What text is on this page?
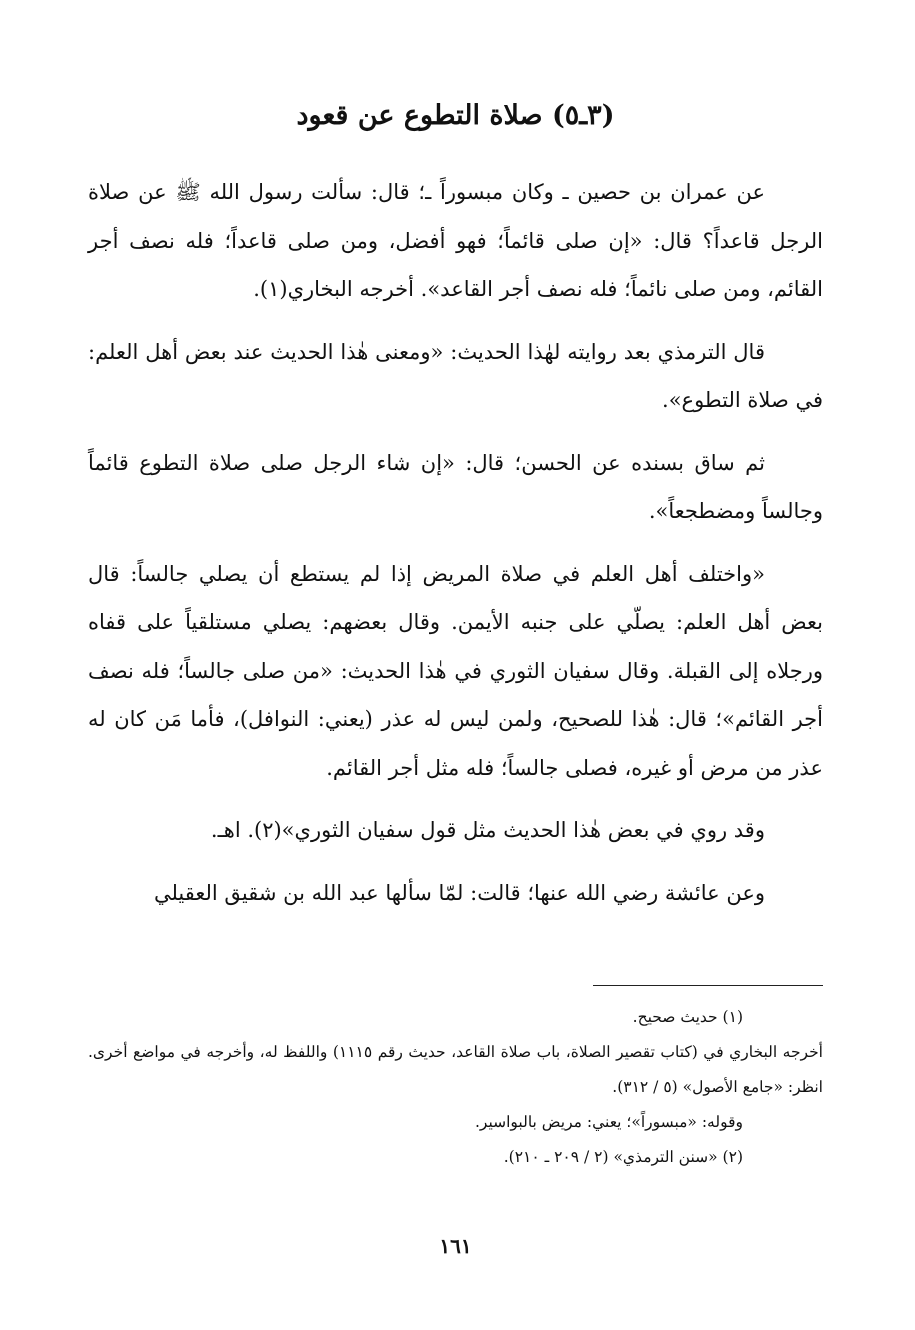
(٣ـ٥) صلاة التطوع عن قعود

عن عمران بن حصين ـ وكان مبسوراً ـ؛ قال: سألت رسول الله ﷺ عن صلاة الرجل قاعداً؟ قال: «إن صلى قائماً؛ فهو أفضل، ومن صلى قاعداً؛ فله نصف أجر القائم، ومن صلى نائماً؛ فله نصف أجر القاعد». أخرجه البخاري(١).

قال الترمذي بعد روايته لهٰذا الحديث: «ومعنى هٰذا الحديث عند بعض أهل العلم: في صلاة التطوع».

ثم ساق بسنده عن الحسن؛ قال: «إن شاء الرجل صلى صلاة التطوع قائماً وجالساً ومضطجعاً».

«واختلف أهل العلم في صلاة المريض إذا لم يستطع أن يصلي جالساً: قال بعض أهل العلم: يصلّي على جنبه الأيمن. وقال بعضهم: يصلي مستلقياً على قفاه ورجلاه إلى القبلة. وقال سفيان الثوري في هٰذا الحديث: «من صلى جالساً؛ فله نصف أجر القائم»؛ قال: هٰذا للصحيح، ولمن ليس له عذر (يعني: النوافل)، فأما مَن كان له عذر من مرض أو غيره، فصلى جالساً؛ فله مثل أجر القائم.

وقد روي في بعض هٰذا الحديث مثل قول سفيان الثوري»(٢). اهـ.

وعن عائشة رضي الله عنها؛ قالت: لمّا سألها عبد الله بن شقيق العقيلي

(١) حديث صحيح.

أخرجه البخاري في (كتاب تقصير الصلاة، باب صلاة القاعد، حديث رقم ١١١٥) واللفظ له، وأخرجه في مواضع أخرى. انظر: «جامع الأصول» (٥ / ٣١٢).

وقوله: «مبسوراً»؛ يعني: مريض بالبواسير.

(٢) «سنن الترمذي» (٢ / ٢٠٩ ـ ٢١٠).

١٦١
